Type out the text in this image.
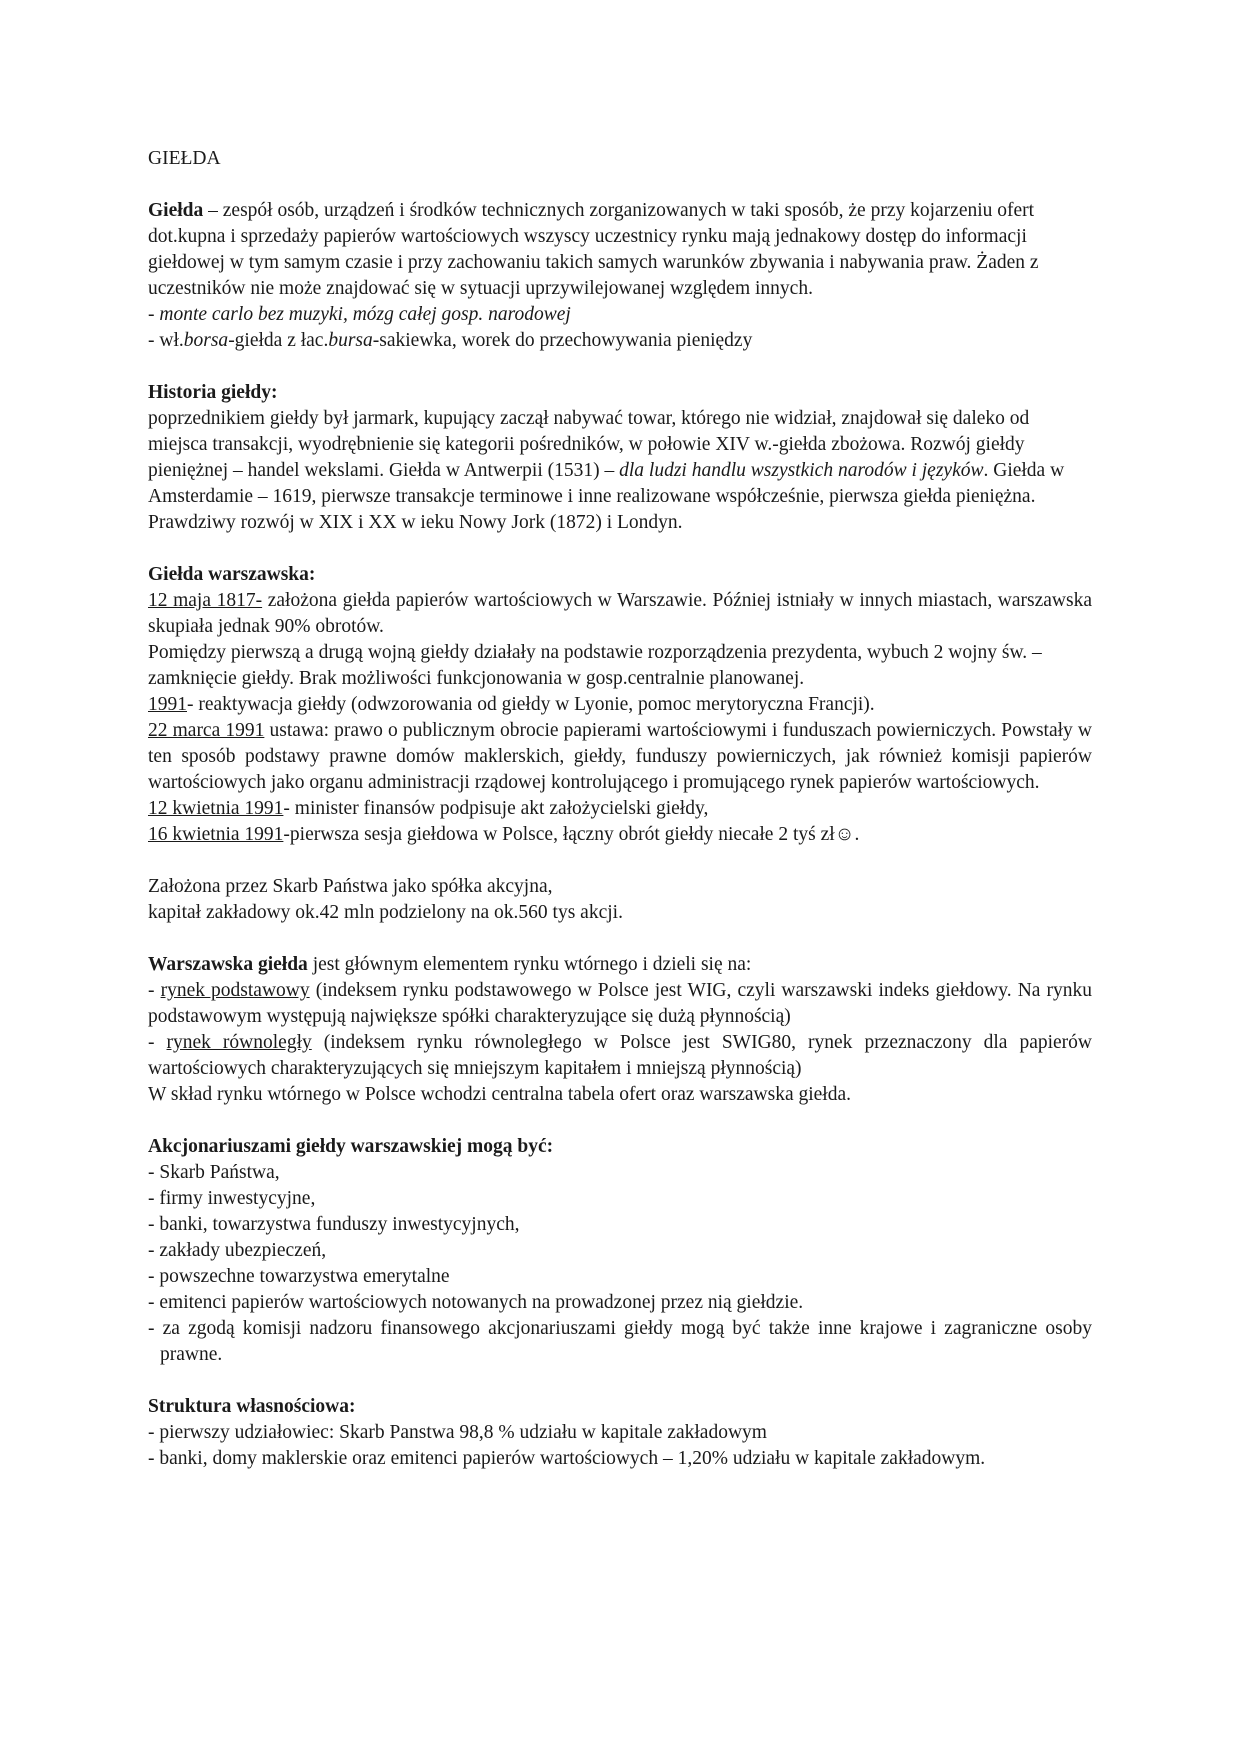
GIEŁDA

Giełda – zespół osób, urządzeń i środków technicznych zorganizowanych w taki sposób, że przy kojarzeniu ofert dot.kupna i sprzedaży papierów wartościowych wszyscy uczestnicy rynku mają jednakowy dostęp do informacji giełdowej w tym samym czasie i przy zachowaniu takich samych warunków zbywania i nabywania praw. Żaden z uczestników nie może znajdować się w sytuacji uprzywilejowanej względem innych.

- monte carlo bez muzyki, mózg całej gosp. narodowej

- wł.borsa-giełda z łac.bursa-sakiewka, worek do przechowywania pieniędzy

Historia giełdy:

poprzednikiem giełdy był jarmark, kupujący zaczął nabywać towar, którego nie widział, znajdował się daleko od miejsca transakcji, wyodrębnienie się kategorii pośredników, w połowie XIV w.-giełda zbożowa. Rozwój giełdy pieniężnej – handel wekslami. Giełda w Antwerpii (1531) – dla ludzi handlu wszystkich narodów i języków. Giełda w Amsterdamie – 1619, pierwsze transakcje terminowe i inne realizowane współcześnie, pierwsza giełda pieniężna. Prawdziwy rozwój w XIX i XX w ieku Nowy Jork (1872) i Londyn.

Giełda warszawska:

12 maja 1817- założona giełda papierów wartościowych w Warszawie. Później istniały w innych miastach, warszawska skupiała jednak 90% obrotów.

Pomiędzy pierwszą a drugą wojną giełdy działały na podstawie rozporządzenia prezydenta, wybuch 2 wojny św. – zamknięcie giełdy. Brak możliwości funkcjonowania w gosp.centralnie planowanej.

1991- reaktywacja giełdy (odwzorowania od giełdy w Lyonie, pomoc merytoryczna Francji).

22 marca 1991 ustawa: prawo o publicznym obrocie papierami wartościowymi i funduszach powierniczych. Powstały w ten sposób podstawy prawne domów maklerskich, giełdy, funduszy powierniczych, jak również komisji papierów wartościowych jako organu administracji rządowej kontrolującego i promującego rynek papierów wartościowych.

12 kwietnia 1991- minister finansów podpisuje akt założycielski giełdy,

16 kwietnia 1991-pierwsza sesja giełdowa w Polsce, łączny obrót giełdy niecałe 2 tyś zł☺.

Założona przez Skarb Państwa jako spółka akcyjna,

kapitał zakładowy ok.42 mln podzielony na ok.560 tys akcji.

Warszawska giełda jest głównym elementem rynku wtórnego i dzieli się na:

- rynek podstawowy (indeksem rynku podstawowego w Polsce jest WIG, czyli warszawski indeks giełdowy. Na rynku podstawowym występują największe spółki charakteryzujące się dużą płynnością)

- rynek równoległy (indeksem rynku równoległego w Polsce jest SWIG80, rynek przeznaczony dla papierów wartościowych charakteryzujących się mniejszym kapitałem i mniejszą płynnością)

W skład rynku wtórnego w Polsce wchodzi centralna tabela ofert oraz warszawska giełda.

Akcjonariuszami giełdy warszawskiej mogą być:

- Skarb Państwa,

- firmy inwestycyjne,

- banki, towarzystwa funduszy inwestycyjnych,

- zakłady ubezpieczeń,

- powszechne towarzystwa emerytalne

- emitenci papierów wartościowych notowanych na prowadzonej przez nią giełdzie.

- za zgodą komisji nadzoru finansowego akcjonariuszami giełdy mogą być także inne krajowe i zagraniczne osoby prawne.

Struktura własnościowa:

- pierwszy udziałowiec: Skarb Panstwa 98,8 % udziału w kapitale zakładowym

- banki, domy maklerskie oraz emitenci papierów wartościowych – 1,20% udziału w kapitale zakładowym.
